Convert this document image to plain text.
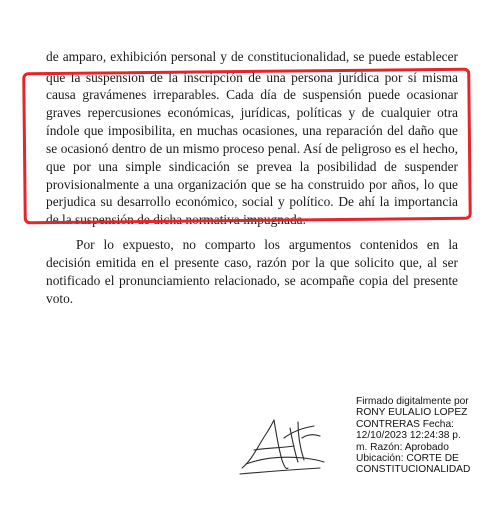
de amparo, exhibición personal y de constitucionalidad, se puede establecer
que la suspensión de la inscripción de una persona jurídica por sí misma
causa gravámenes irreparables. Cada día de suspensión puede ocasionar
graves repercusiones económicas, jurídicas, políticas y de cualquier otra
índole que imposibilita, en muchas ocasiones, una reparación del daño que
se ocasionó dentro de un mismo proceso penal. Así de peligroso es el hecho,
que por una simple sindicación se prevea la posibilidad de suspender
provisionalmente a una organización que se ha construido por años, lo que
perjudica su desarrollo económico, social y político. De ahí la importancia
de la suspensión de dicha normativa impugnada.
Por lo expuesto, no comparto los argumentos contenidos en la
decisión emitida en el presente caso, razón por la que solicito que, al ser
notificado el pronunciamiento relacionado, se acompañe copia del presente
voto.
Firmado digitalmente por
RONY EULALIO LOPEZ
CONTRERAS Fecha:
12/10/2023 12:24:38 p.
m. Razón: Aprobado
Ubicación: CORTE DE
CONSTITUCIONALIDAD
